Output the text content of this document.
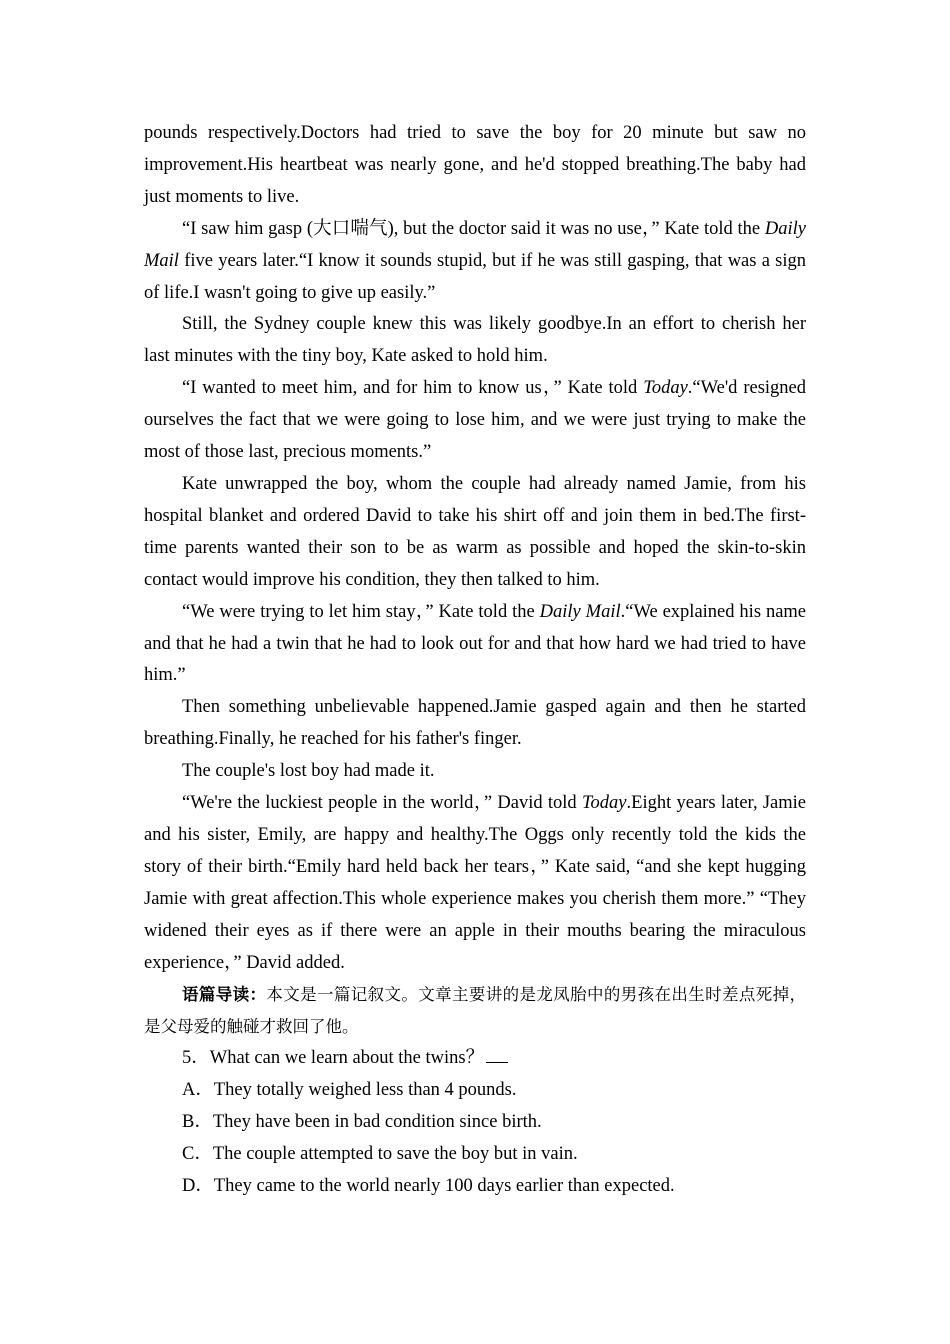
pounds respectively.Doctors had tried to save the boy for 20 minute but saw no improvement.His heartbeat was nearly gone, and he'd stopped breathing.The baby had just moments to live.

“I saw him gasp (大口喘气), but the doctor said it was no use，” Kate told the Daily Mail five years later.“I know it sounds stupid, but if he was still gasping, that was a sign of life.I wasn't going to give up easily.”

Still, the Sydney couple knew this was likely goodbye.In an effort to cherish her last minutes with the tiny boy, Kate asked to hold him.

“I wanted to meet him, and for him to know us，” Kate told Today.“We'd resigned ourselves the fact that we were going to lose him, and we were just trying to make the most of those last, precious moments.”

Kate unwrapped the boy, whom the couple had already named Jamie, from his hospital blanket and ordered David to take his shirt off and join them in bed.The first-time parents wanted their son to be as warm as possible and hoped the skin-to-skin contact would improve his condition, they then talked to him.

“We were trying to let him stay，” Kate told the Daily Mail.“We explained his name and that he had a twin that he had to look out for and that how hard we had tried to have him.”

Then something unbelievable happened.Jamie gasped again and then he started breathing.Finally, he reached for his father's finger.

The couple's lost boy had made it.

“We're the luckiest people in the world，” David told Today.Eight years later, Jamie and his sister, Emily, are happy and healthy.The Oggs only recently told the kids the story of their birth.“Emily hard held back her tears，” Kate said, “and she kept hugging Jamie with great affection.This whole experience makes you cherish them more.” “They widened their eyes as if there were an apple in their mouths bearing the miraculous experience，” David added.

语篇导读：本文是一篇记叙文。文章主要讲的是龙凤胎中的男孩在出生时差点死掉，是父母爱的触碰才救回了他。

5．What can we learn about the twins？

A．They totally weighed less than 4 pounds.

B．They have been in bad condition since birth.

C．The couple attempted to save the boy but in vain.

D．They came to the world nearly 100 days earlier than expected.
